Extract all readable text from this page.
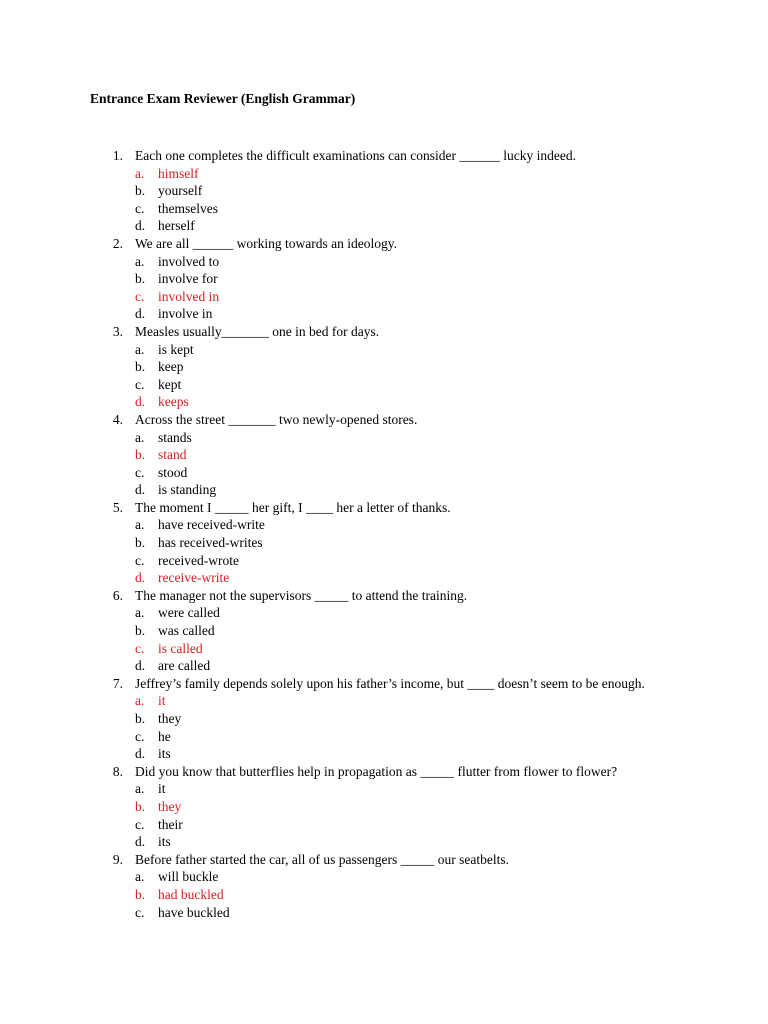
Entrance Exam Reviewer (English Grammar)
1. Each one completes the difficult examinations can consider ______ lucky indeed.
a. himself
b. yourself
c. themselves
d. herself
2. We are all ______ working towards an ideology.
a. involved to
b. involve for
c. involved in
d. involve in
3. Measles usually_______ one in bed for days.
a. is kept
b. keep
c. kept
d. keeps
4. Across the street _______ two newly-opened stores.
a. stands
b. stand
c. stood
d. is standing
5. The moment I _____ her gift, I ____ her a letter of thanks.
a. have received-write
b. has received-writes
c. received-wrote
d. receive-write
6. The manager not the supervisors _____ to attend the training.
a. were called
b. was called
c. is called
d. are called
7. Jeffrey’s family depends solely upon his father’s income, but ____ doesn’t seem to be enough.
a. it
b. they
c. he
d. its
8. Did you know that butterflies help in propagation as _____ flutter from flower to flower?
a. it
b. they
c. their
d. its
9. Before father started the car, all of us passengers _____ our seatbelts.
a. will buckle
b. had buckled
c. have buckled
